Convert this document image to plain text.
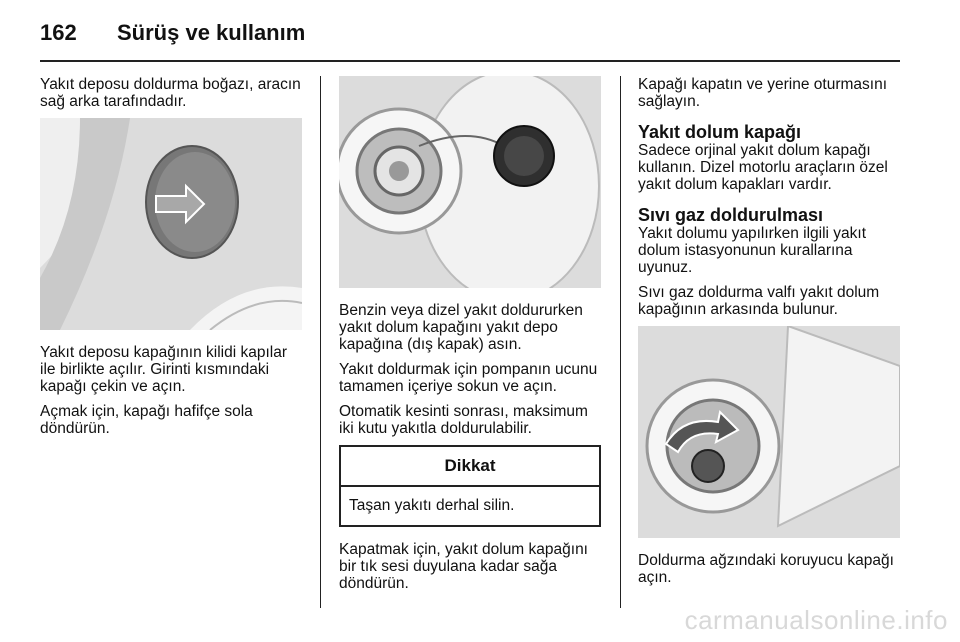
162 Sürüş ve kullanım

Yakıt deposu doldurma boğazı, aracın sağ arka tarafındadır.

Yakıt deposu kapağının kilidi kapılar ile birlikte açılır. Girinti kısmındaki kapağı çekin ve açın.

Açmak için, kapağı hafifçe sola döndürün.

Benzin veya dizel yakıt doldururken yakıt dolum kapağını yakıt depo kapağına (dış kapak) asın.

Yakıt doldurmak için pompanın ucunu tamamen içeriye sokun ve açın.

Otomatik kesinti sonrası, maksimum iki kutu yakıtla doldurulabilir.

Dikkat
Taşan yakıtı derhal silin.

Kapatmak için, yakıt dolum kapağını bir tık sesi duyulana kadar sağa döndürün.

Kapağı kapatın ve yerine oturmasını sağlayın.

Yakıt dolum kapağı

Sadece orjinal yakıt dolum kapağı kullanın. Dizel motorlu araçların özel yakıt dolum kapakları vardır.

Sıvı gaz doldurulması

Yakıt dolumu yapılırken ilgili yakıt dolum istasyonunun kurallarına uyunuz.

Sıvı gaz doldurma valfı yakıt dolum kapağının arkasında bulunur.

Doldurma ağzındaki koruyucu kapağı açın.

carmanualsonline.info
